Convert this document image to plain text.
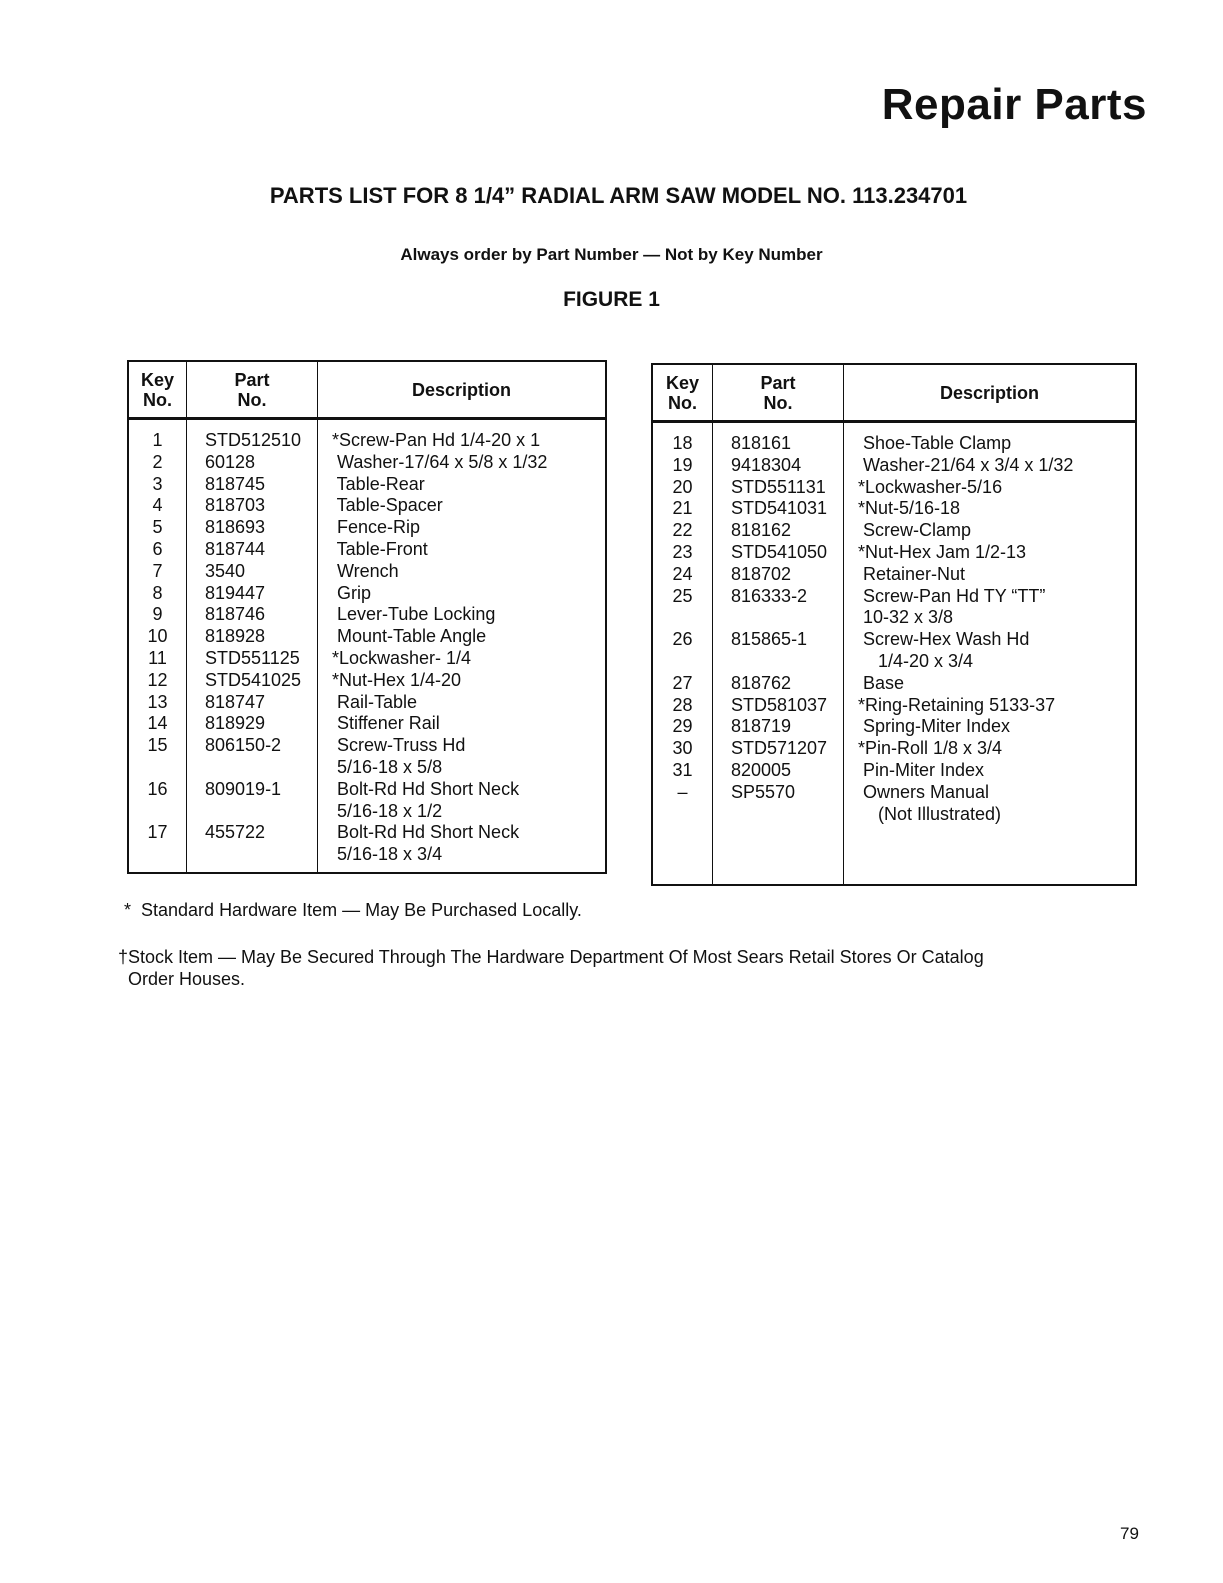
Repair Parts
PARTS LIST FOR 8 1/4” RADIAL ARM SAW MODEL NO. 113.234701
Always order by Part Number — Not by Key Number
FIGURE 1
Key
No.
Part
No.	Description
1
2
3
4
5
6
7
8
9
10
11
12
13
14
15
16
17
STD512510
60128
818745
818703
818693
818744
3540
819447
818746
818928
STD551125
STD541025
818747
818929
806150-2
809019-1
455722
*Screw-Pan Hd 1/4-20 x 1
Washer-17/64 x 5/8 x 1/32
Table-Rear
Table-Spacer
Fence-Rip
Table-Front
Wrench
Grip
Lever-Tube Locking
Mount-Table Angle
*Lockwasher- 1/4
*Nut-Hex 1/4-20
Rail-Table
Stiffener Rail
Screw-Truss Hd
5/16-18 x 5/8
Bolt-Rd Hd Short Neck
5/16-18 x 1/2
Bolt-Rd Hd Short Neck
5/16-18 x 3/4
Key
No.
Part
No.	Description
18
19
20
21
22
23
24
25
26
27
28
29
30
31
–
818161
9418304
STD551131
STD541031
818162
STD541050
818702
816333-2
815865-1
818762
STD581037
818719
STD571207
820005
SP5570
Shoe-Table Clamp
Washer-21/64 x 3/4 x 1/32
*Lockwasher-5/16
*Nut-5/16-18
Screw-Clamp
*Nut-Hex Jam 1/2-13
Retainer-Nut
Screw-Pan Hd TY “TT”
10-32 x 3/8
Screw-Hex Wash Hd
1/4-20 x 3/4
Base
*Ring-Retaining 5133-37
Spring-Miter Index
*Pin-Roll 1/8 x 3/4
Pin-Miter Index
Owners Manual
(Not Illustrated)
*  Standard Hardware Item — May Be Purchased Locally.
†Stock Item — May Be Secured Through The Hardware Department Of Most Sears Retail Stores Or Catalog
Order Houses.
79
